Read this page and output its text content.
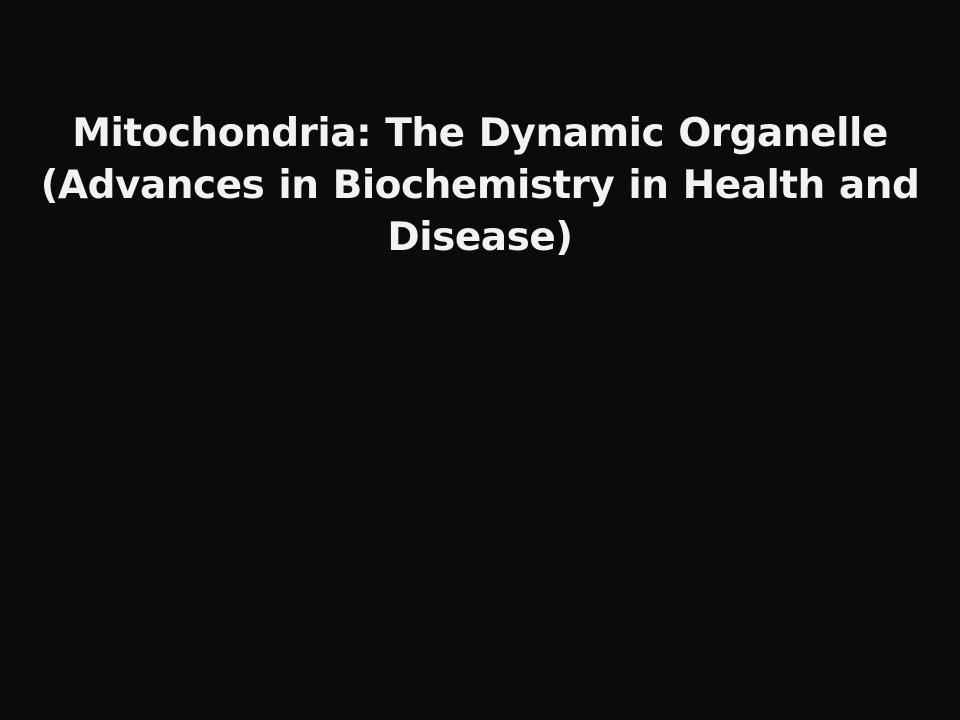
Mitochondria: The Dynamic Organelle (Advances in Biochemistry in Health and Disease)
